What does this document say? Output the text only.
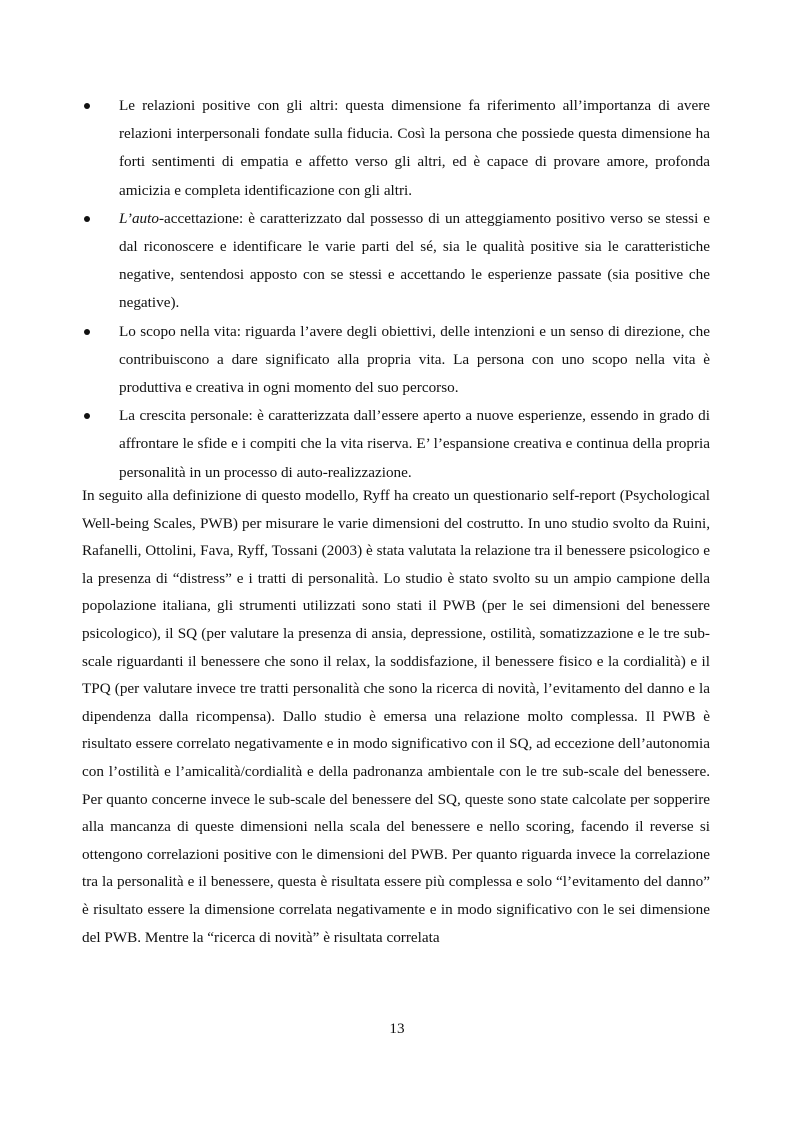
Le relazioni positive con gli altri: questa dimensione fa riferimento all’importanza di avere relazioni interpersonali fondate sulla fiducia. Così la persona che possiede questa dimensione ha forti sentimenti di empatia e affetto verso gli altri, ed è capace di provare amore, profonda amicizia e completa identificazione con gli altri.
L’auto-accettazione: è caratterizzato dal possesso di un atteggiamento positivo verso se stessi e dal riconoscere e identificare le varie parti del sé, sia le qualità positive sia le caratteristiche negative, sentendosi apposto con se stessi e accettando le esperienze passate (sia positive che negative).
Lo scopo nella vita: riguarda l’avere degli obiettivi, delle intenzioni e un senso di direzione, che contribuiscono a dare significato alla propria vita. La persona con uno scopo nella vita è produttiva e creativa in ogni momento del suo percorso.
La crescita personale: è caratterizzata dall’essere aperto a nuove esperienze, essendo in grado di affrontare le sfide e i compiti che la vita riserva. E’ l’espansione creativa e continua della propria personalità in un processo di auto-realizzazione.

In seguito alla definizione di questo modello, Ryff ha creato un questionario self-report (Psychological Well-being Scales, PWB) per misurare le varie dimensioni del costrutto. In uno studio svolto da Ruini, Rafanelli, Ottolini, Fava, Ryff, Tossani (2003) è stata valutata la relazione tra il benessere psicologico e la presenza di “distress” e i tratti di personalità. Lo studio è stato svolto su un ampio campione della popolazione italiana, gli strumenti utilizzati sono stati il PWB (per le sei dimensioni del benessere psicologico), il SQ (per valutare la presenza di ansia, depressione, ostilità, somatizzazione e le tre sub-scale riguardanti il benessere che sono il relax, la soddisfazione, il benessere fisico e la cordialità) e il TPQ (per valutare invece tre tratti personalità che sono la ricerca di novità, l’evitamento del danno e la dipendenza dalla ricompensa). Dallo studio è emersa una relazione molto complessa. Il PWB è risultato essere correlato negativamente e in modo significativo con il SQ, ad eccezione dell’autonomia con l’ostilità e l’amicalità/cordialità e della padronanza ambientale con le tre sub-scale del benessere. Per quanto concerne invece le sub-scale del benessere del SQ, queste sono state calcolate per sopperire alla mancanza di queste dimensioni nella scala del benessere e nello scoring, facendo il reverse si ottengono correlazioni positive con le dimensioni del PWB. Per quanto riguarda invece la correlazione tra la personalità e il benessere, questa è risultata essere più complessa e solo “l’evitamento del danno” è risultato essere la dimensione correlata negativamente e in modo significativo con le sei dimensione del PWB. Mentre la “ricerca di novità” è risultata correlata

13
